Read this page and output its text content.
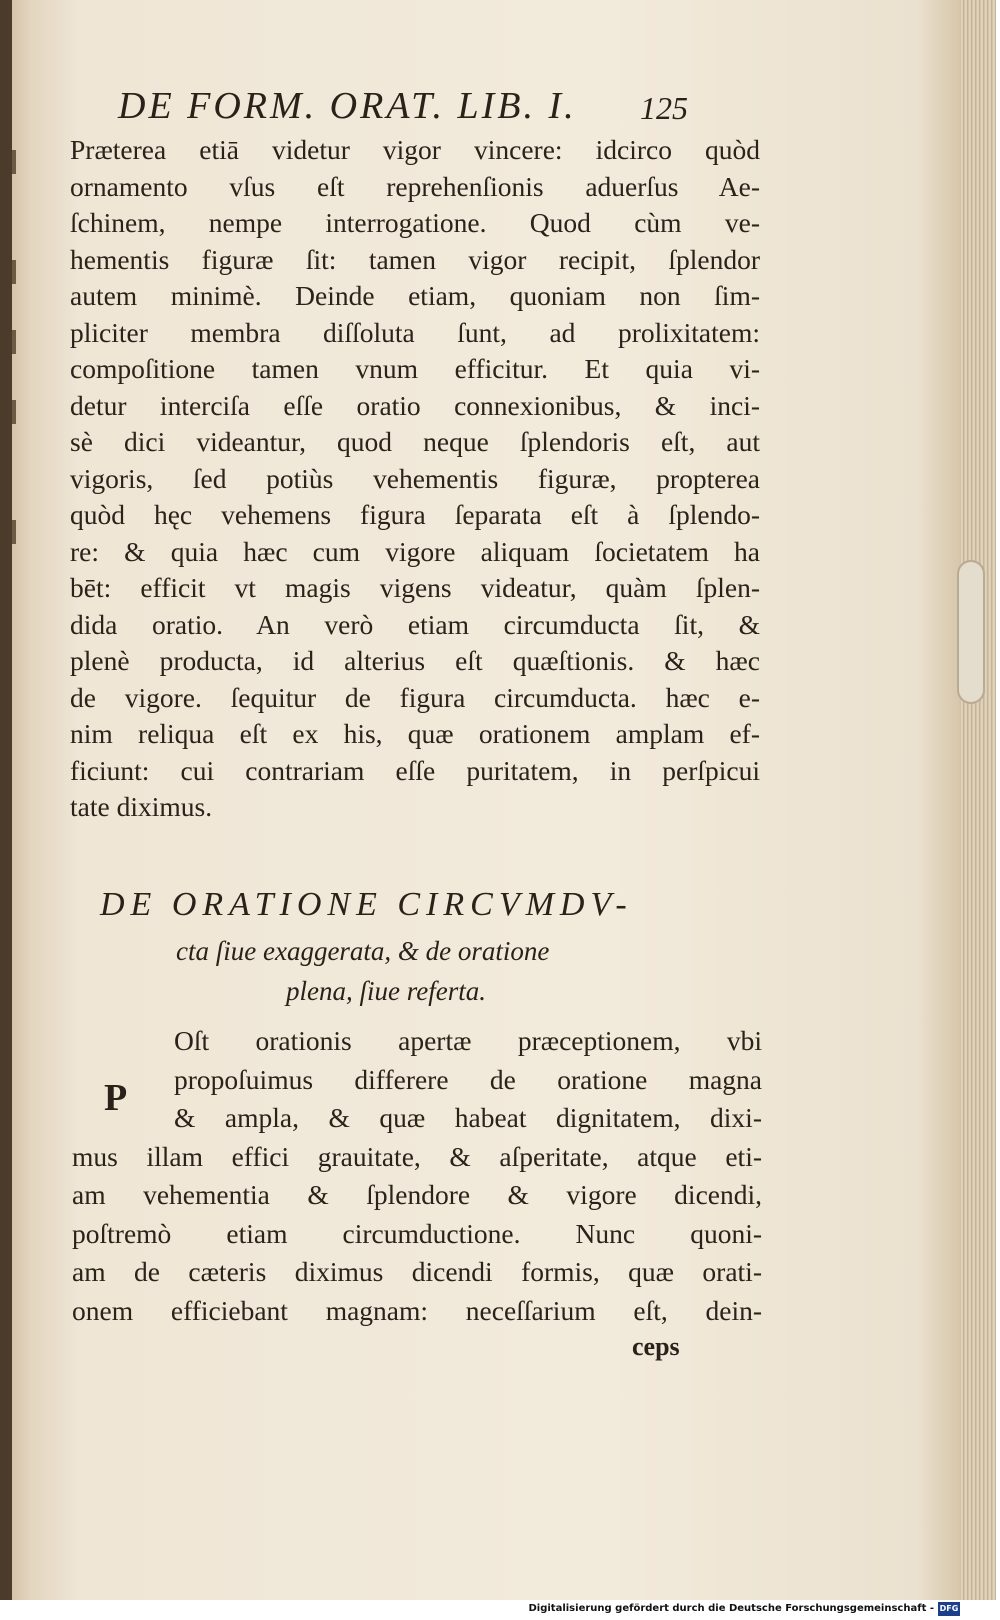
DE FORM. ORAT. LIB. I.	125
Præterea etiā videtur vigor vincere: idcirco quòd
ornamento vſus eſt reprehenſionis aduerſus Ae-
ſchinem, nempe interrogatione. Quod cùm ve-
hementis figuræ ſit: tamen vigor recipit, ſplendor
autem minimè. Deinde etiam, quoniam non ſim-
pliciter membra diſſoluta ſunt, ad prolixitatem:
compoſitione tamen vnum efficitur. Et quia vi-
detur interciſa eſſe oratio connexionibus, & inci-
sè dici videantur, quod neque ſplendoris eſt, aut
vigoris, ſed potiùs vehementis figuræ, propterea
quòd hęc vehemens figura ſeparata eſt à ſplendo-
re: & quia hæc cum vigore aliquam ſocietatem ha
bēt: efficit vt magis vigens videatur, quàm ſplen-
dida oratio. An verò etiam circumducta ſit, &
plenè producta, id alterius eſt quæſtionis. & hæc
de vigore. ſequitur de figura circumducta. hæc e-
nim reliqua eſt ex his, quæ orationem amplam ef-
ficiunt: cui contrariam eſſe puritatem, in perſpicui
tate diximus.
DE ORATIONE CIRCVMDV-
cta ſiue exaggerata, & de oratione
plena, ſiue referta.
P
Oſt orationis apertæ præceptionem, vbi
propoſuimus differere de oratione magna
& ampla, & quæ habeat dignitatem, dixi-
mus illam effici grauitate, & aſperitate, atque eti-
am vehementia & ſplendore & vigore dicendi,
poſtremò etiam circumductione. Nunc quoni-
am de cæteris diximus dicendi formis, quæ orati-
onem efficiebant magnam: neceſſarium eſt, dein-
ceps
Digitalisierung gefördert durch die Deutsche Forschungsgemeinschaft - DFG
